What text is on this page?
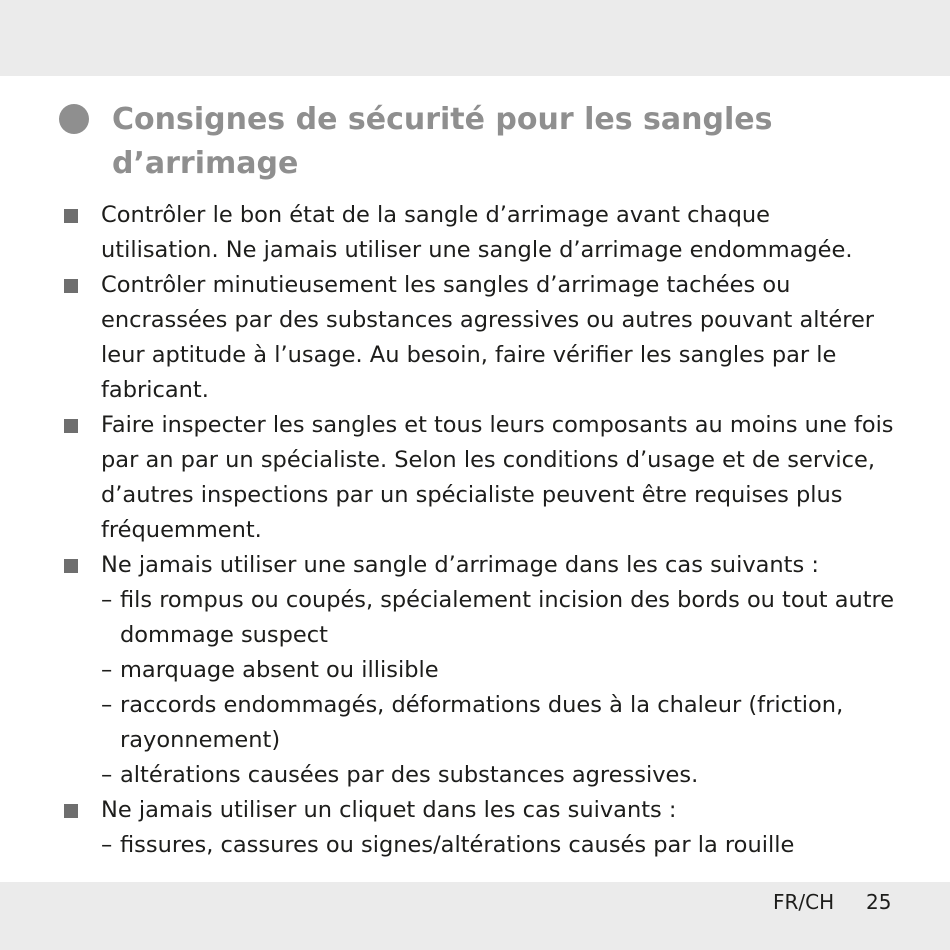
Consignes de sécurité pour les sangles
d’arrimage
Contrôler le bon état de la sangle d’arrimage avant chaque
utilisation. Ne jamais utiliser une sangle d’arrimage endommagée.
Contrôler minutieusement les sangles d’arrimage tachées ou
encrassées par des substances agressives ou autres pouvant altérer
leur aptitude à l’usage. Au besoin, faire vérifier les sangles par le
fabricant.
Faire inspecter les sangles et tous leurs composants au moins une fois
par an par un spécialiste. Selon les conditions d’usage et de service,
d’autres inspections par un spécialiste peuvent être requises plus
fréquemment.
Ne jamais utiliser une sangle d’arrimage dans les cas suivants :
– fils rompus ou coupés, spécialement incision des bords ou tout autre
dommage suspect
– marquage absent ou illisible
– raccords endommagés, déformations dues à la chaleur (friction,
rayonnement)
– altérations causées par des substances agressives.
Ne jamais utiliser un cliquet dans les cas suivants :
– fissures, cassures ou signes/altérations causés par la rouille
FR/CH 25
